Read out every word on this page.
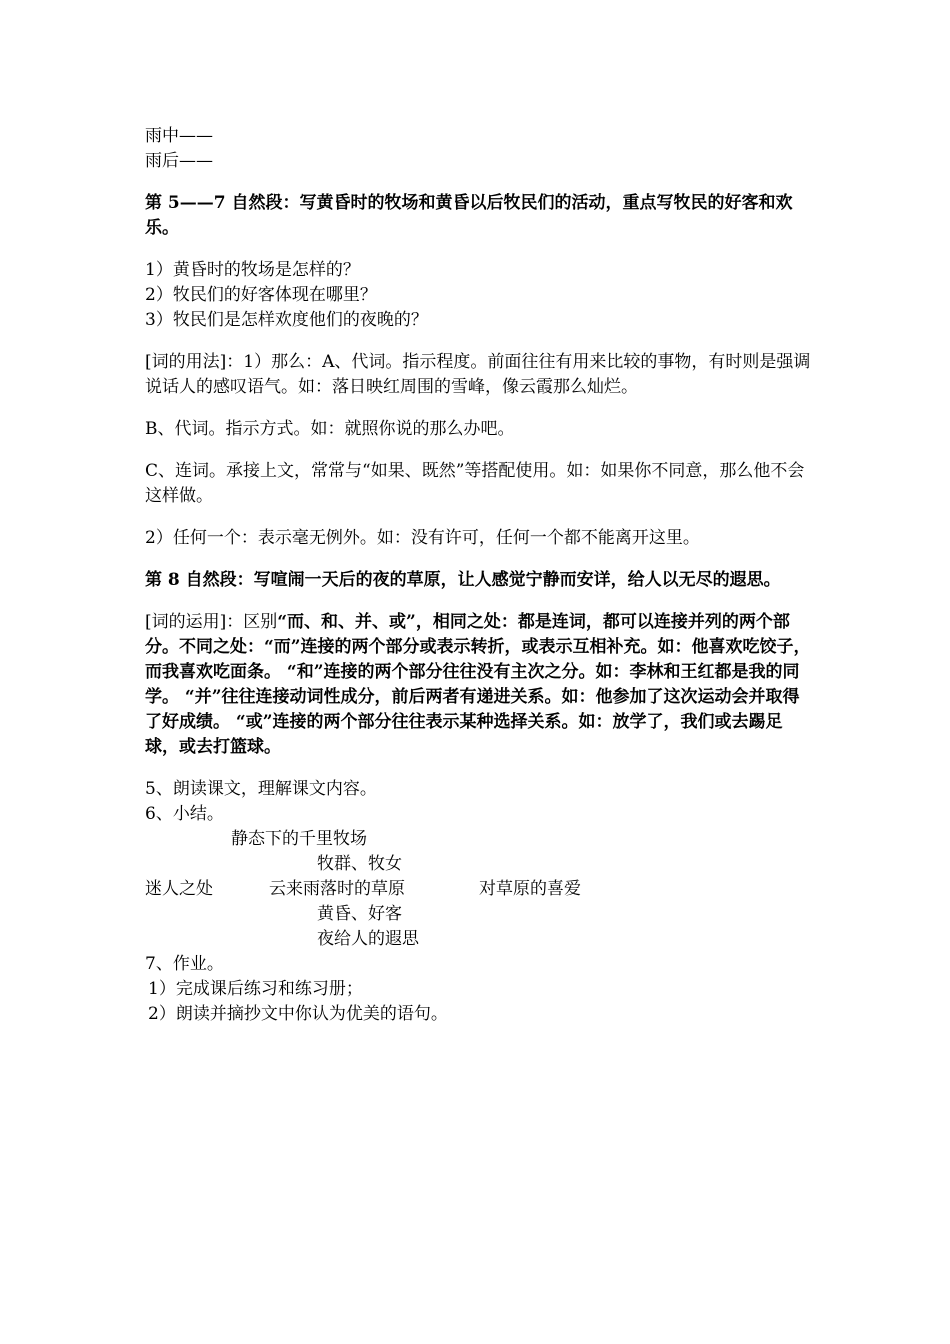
雨中——

雨后——

第 5——7 自然段：写黄昏时的牧场和黄昏以后牧民们的活动，重点写牧民的好客和欢乐。

1）黄昏时的牧场是怎样的？

2）牧民们的好客体现在哪里？

3）牧民们是怎样欢度他们的夜晚的？

[词的用法]：1）那么：A、代词。指示程度。前面往往有用来比较的事物，有时则是强调说话人的感叹语气。如：落日映红周围的雪峰，像云霞那么灿烂。

B、代词。指示方式。如：就照你说的那么办吧。

C、连词。承接上文，常常与“如果、既然”等搭配使用。如：如果你不同意，那么他不会这样做。

2）任何一个：表示毫无例外。如：没有许可，任何一个都不能离开这里。

第 8 自然段：写喧闹一天后的夜的草原，让人感觉宁静而安详，给人以无尽的遐思。

[词的运用]：区别“而、和、并、或”，相同之处：都是连词，都可以连接并列的两个部分。不同之处：“而”连接的两个部分或表示转折，或表示互相补充。如：他喜欢吃饺子，而我喜欢吃面条。 “和”连接的两个部分往往没有主次之分。如：李林和王红都是我的同学。 “并”往往连接动词性成分，前后两者有递进关系。如：他参加了这次运动会并取得了好成绩。 “或”连接的两个部分往往表示某种选择关系。如：放学了，我们或去踢足球，或去打篮球。

5、朗读课文，理解课文内容。

6、小结。

静态下的千里牧场
牧群、牧女
迷人之处	云来雨落时的草原	对草原的喜爱
黄昏、好客
夜给人的遐思

7、作业。

1）完成课后练习和练习册；

2）朗读并摘抄文中你认为优美的语句。
